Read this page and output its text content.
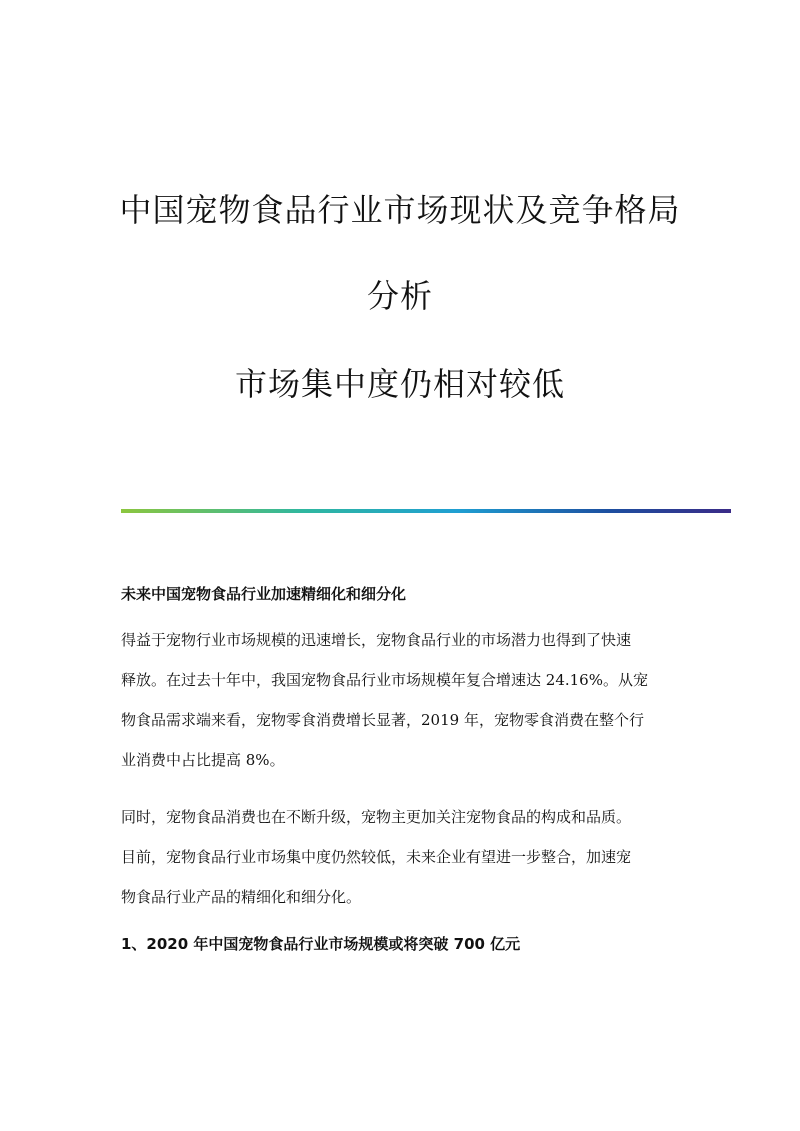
中国宠物食品行业市场现状及竞争格局
分析
市场集中度仍相对较低
未来中国宠物食品行业加速精细化和细分化

得益于宠物行业市场规模的迅速增长，宠物食品行业的市场潜力也得到了快速
释放。在过去十年中，我国宠物食品行业市场规模年复合增速达 24.16%。从宠
物食品需求端来看，宠物零食消费增长显著，2019 年，宠物零食消费在整个行
业消费中占比提高 8%。

同时，宠物食品消费也在不断升级，宠物主更加关注宠物食品的构成和品质。
目前，宠物食品行业市场集中度仍然较低，未来企业有望进一步整合，加速宠
物食品行业产品的精细化和细分化。

1、2020 年中国宠物食品行业市场规模或将突破 700 亿元
